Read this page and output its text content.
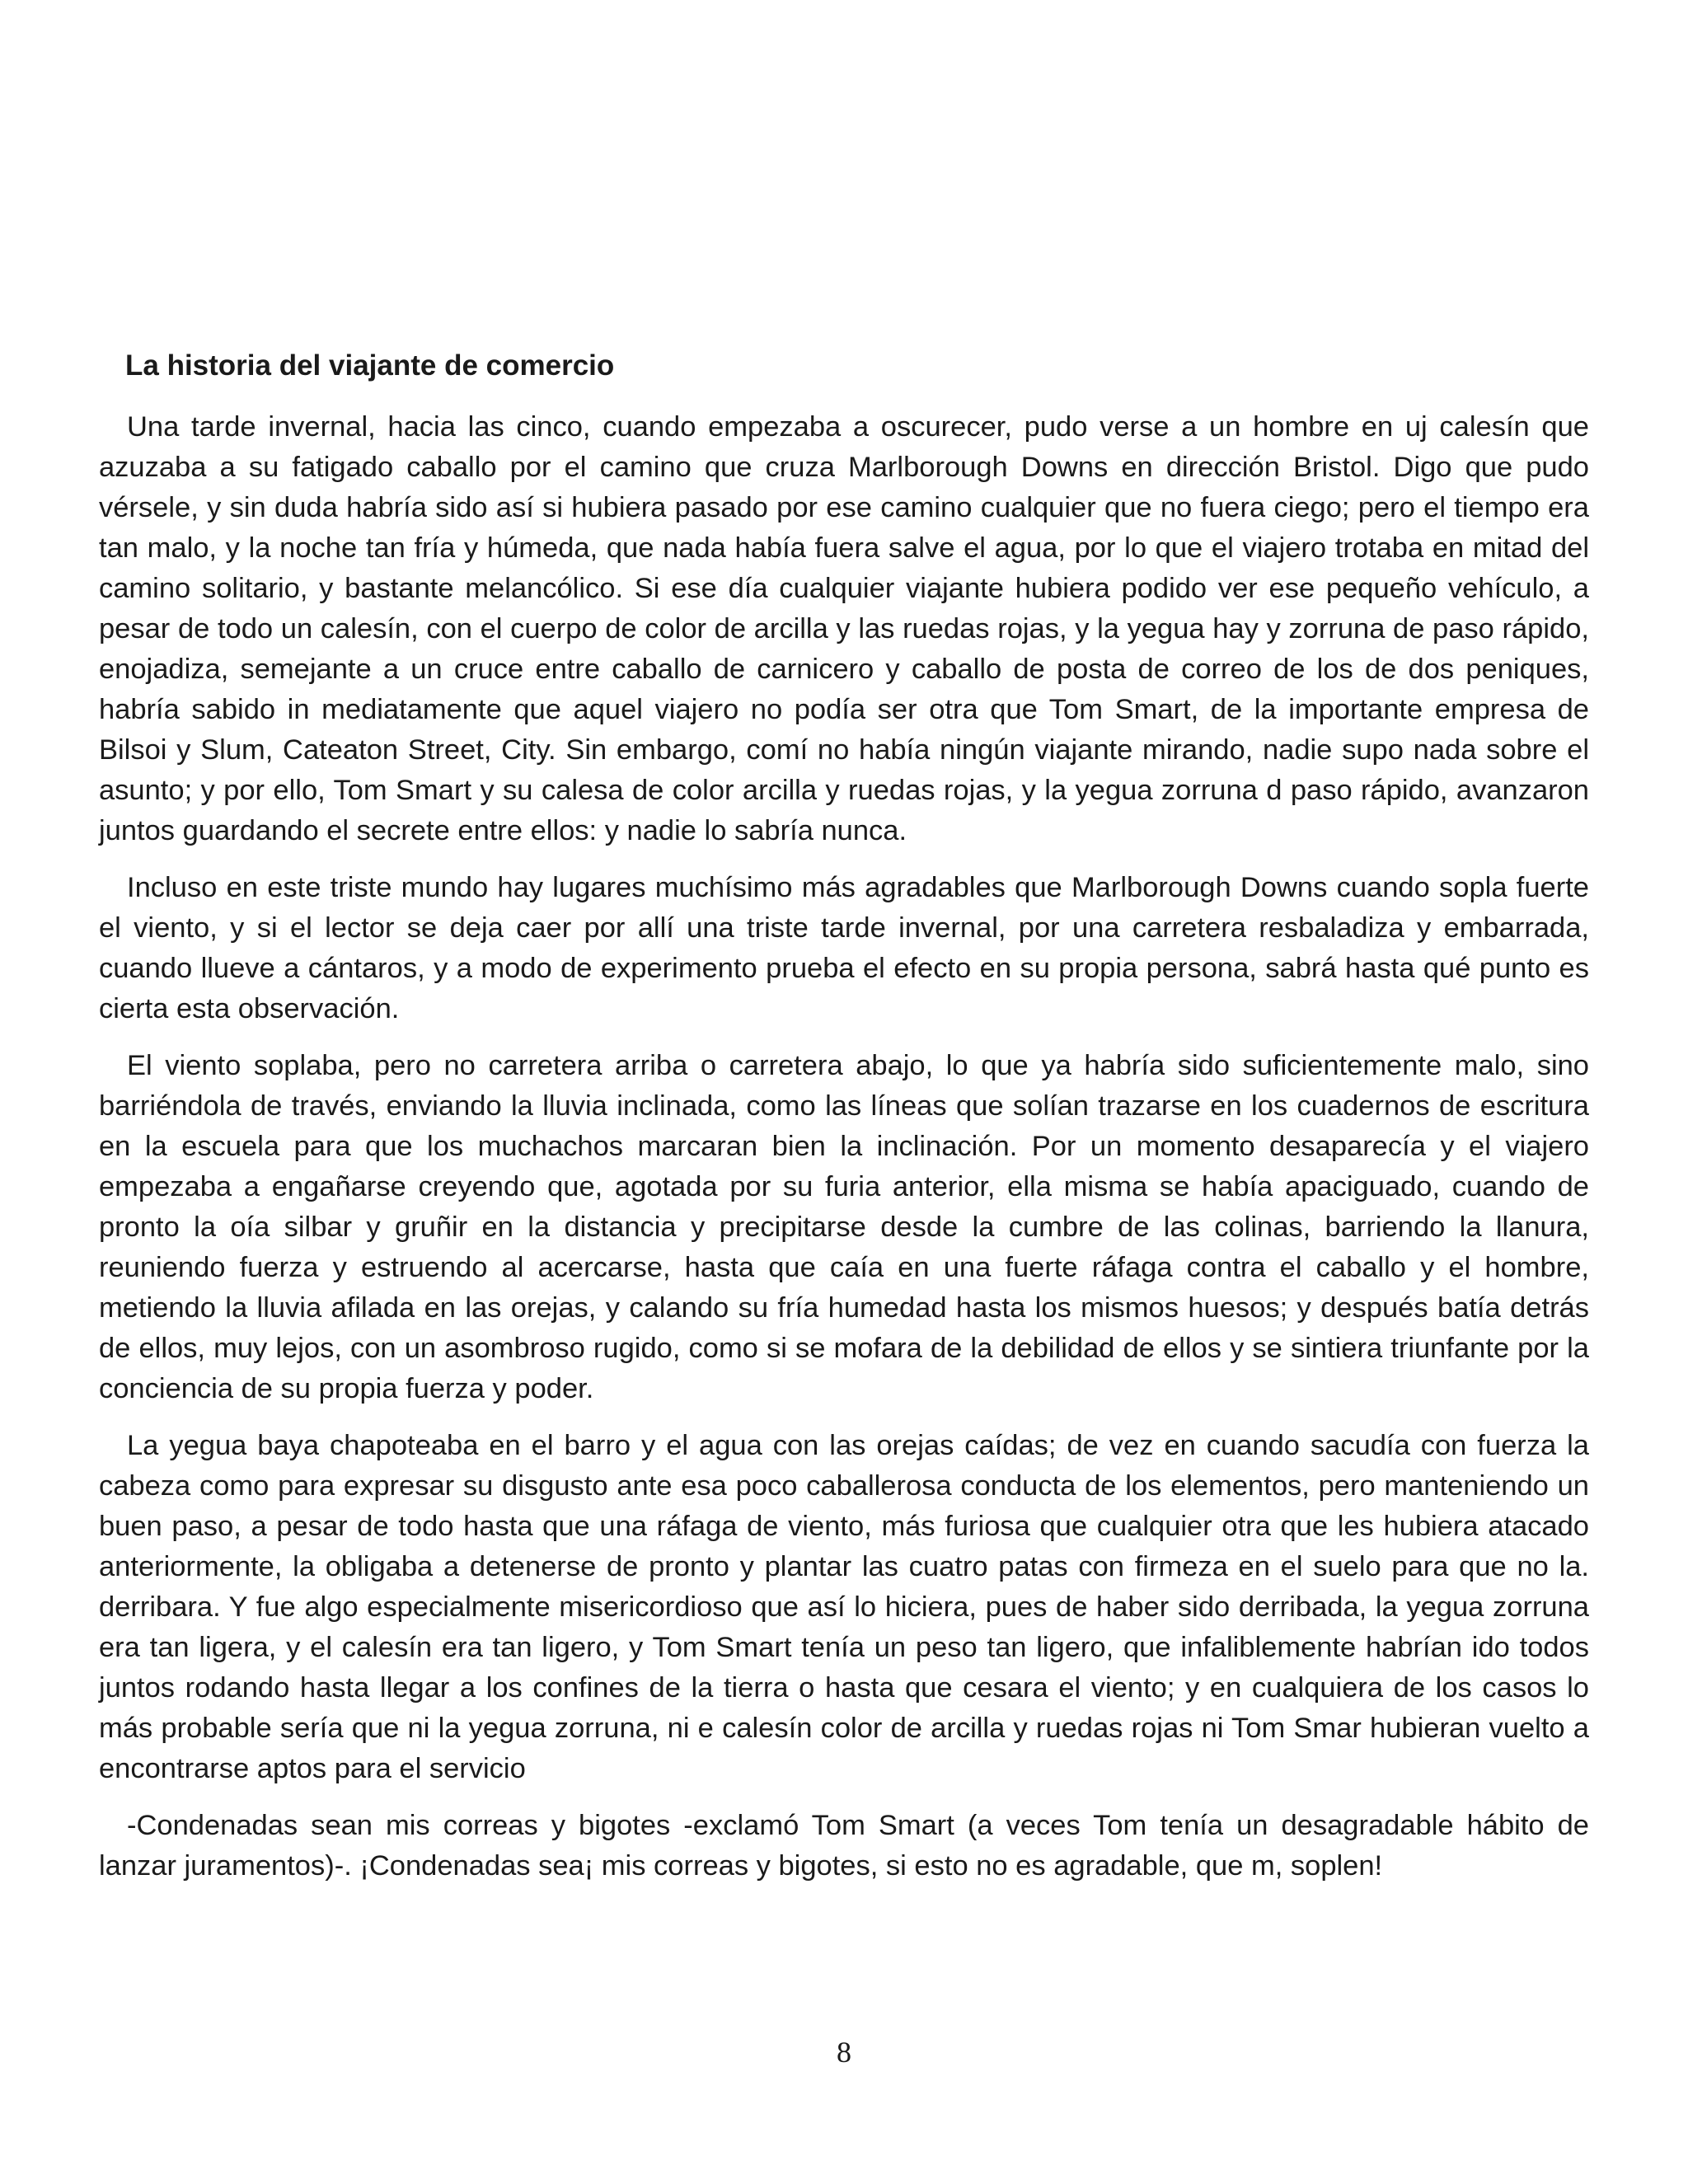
La historia del viajante de comercio

Una tarde invernal, hacia las cinco, cuando empezaba a oscurecer, pudo verse a un hombre en uj calesín que azuzaba a su fatigado caballo por el camino que cruza Marlborough Downs en dirección Bristol. Digo que pudo vérsele, y sin duda habría sido así si hubiera pasado por ese camino cualquier que no fuera ciego; pero el tiempo era tan malo, y la noche tan fría y húmeda, que nada había fuera salve el agua, por lo que el viajero trotaba en mitad del camino solitario, y bastante melancólico. Si ese día cualquier viajante hubiera podido ver ese pequeño vehículo, a pesar de todo un calesín, con el cuerpo de color de arcilla y las ruedas rojas, y la yegua hay y zorruna de paso rápido, enojadiza, semejante a un cruce entre caballo de carnicero y caballo de posta de correo de los de dos peniques, habría sabido in mediatamente que aquel viajero no podía ser otra que Tom Smart, de la importante empresa de Bilsoi y Slum, Cateaton Street, City. Sin embargo, comí no había ningún viajante mirando, nadie supo nada sobre el asunto; y por ello, Tom Smart y su calesa de color arcilla y ruedas rojas, y la yegua zorruna d paso rápido, avanzaron juntos guardando el secrete entre ellos: y nadie lo sabría nunca.

Incluso en este triste mundo hay lugares muchísimo más agradables que Marlborough Downs cuando sopla fuerte el viento, y si el lector se deja caer por allí una triste tarde invernal, por una carretera resbaladiza y embarrada, cuando llueve a cántaros, y a modo de experimento prueba el efecto en su propia persona, sabrá hasta qué punto es cierta esta observación.

El viento soplaba, pero no carretera arriba o carretera abajo, lo que ya habría sido suficientemente malo, sino barriéndola de través, enviando la lluvia inclinada, como las líneas que solían trazarse en los cuadernos de escritura en la escuela para que los muchachos marcaran bien la inclinación. Por un momento desaparecía y el viajero empezaba a engañarse creyendo que, agotada por su furia anterior, ella misma se había apaciguado, cuando de pronto la oía silbar y gruñir en la distancia y precipitarse desde la cumbre de las colinas, barriendo la llanura, reuniendo fuerza y estruendo al acercarse, hasta que caía en una fuerte ráfaga contra el caballo y el hombre, metiendo la lluvia afilada en las orejas, y calando su fría humedad hasta los mismos huesos; y después batía detrás de ellos, muy lejos, con un asombroso rugido, como si se mofara de la debilidad de ellos y se sintiera triunfante por la conciencia de su propia fuerza y poder.

La yegua baya chapoteaba en el barro y el agua con las orejas caídas; de vez en cuando sacudía con fuerza la cabeza como para expresar su disgusto ante esa poco caballerosa conducta de los elementos, pero manteniendo un buen paso, a pesar de todo hasta que una ráfaga de viento, más furiosa que cualquier otra que les hubiera atacado anteriormente, la obligaba a detenerse de pronto y plantar las cuatro patas con firmeza en el suelo para que no la. derribara. Y fue algo especialmente misericordioso que así lo hiciera, pues de haber sido derribada, la yegua zorruna era tan ligera, y el calesín era tan ligero, y Tom Smart tenía un peso tan ligero, que infaliblemente habrían ido todos juntos rodando hasta llegar a los confines de la tierra o hasta que cesara el viento; y en cualquiera de los casos lo más probable sería que ni la yegua zorruna, ni e calesín color de arcilla y ruedas rojas ni Tom Smar hubieran vuelto a encontrarse aptos para el servicio

-Condenadas sean mis correas y bigotes -exclamó Tom Smart (a veces Tom tenía un desagradable hábito de lanzar juramentos)-. ¡Condenadas sea¡ mis correas y bigotes, si esto no es agradable, que m, soplen!

8
